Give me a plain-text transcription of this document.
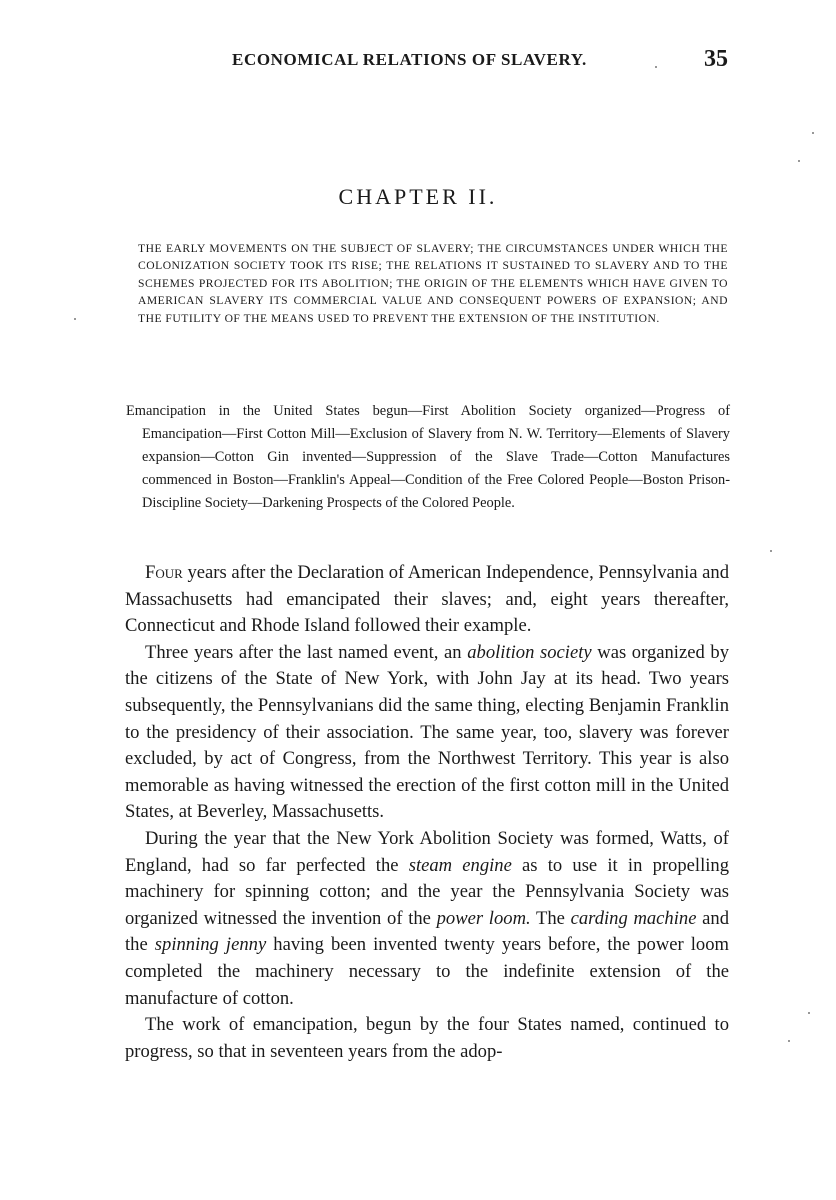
ECONOMICAL RELATIONS OF SLAVERY.	35
CHAPTER II.
THE EARLY MOVEMENTS ON THE SUBJECT OF SLAVERY; THE CIRCUMSTANCES UNDER WHICH THE COLONIZATION SOCIETY TOOK ITS RISE; THE RELATIONS IT SUSTAINED TO SLAVERY AND TO THE SCHEMES PROJECTED FOR ITS ABOLITION; THE ORIGIN OF THE ELEMENTS WHICH HAVE GIVEN TO AMERICAN SLAVERY ITS COMMERCIAL VALUE AND CONSEQUENT POWERS OF EXPANSION; AND THE FUTILITY OF THE MEANS USED TO PREVENT THE EXTENSION OF THE INSTITUTION.

Emancipation in the United States begun—First Abolition Society organized—Progress of Emancipation—First Cotton Mill—Exclusion of Slavery from N. W. Territory—Elements of Slavery expansion—Cotton Gin invented—Suppression of the Slave Trade—Cotton Manufactures commenced in Boston—Franklin's Appeal—Condition of the Free Colored People—Boston Prison-Discipline Society—Darkening Prospects of the Colored People.

Four years after the Declaration of American Independence, Pennsylvania and Massachusetts had emancipated their slaves; and, eight years thereafter, Connecticut and Rhode Island followed their example.

Three years after the last named event, an abolition society was organized by the citizens of the State of New York, with John Jay at its head. Two years subsequently, the Pennsylvanians did the same thing, electing Benjamin Franklin to the presidency of their association. The same year, too, slavery was forever excluded, by act of Congress, from the Northwest Territory. This year is also memorable as having witnessed the erection of the first cotton mill in the United States, at Beverley, Massachusetts.

During the year that the New York Abolition Society was formed, Watts, of England, had so far perfected the steam engine as to use it in propelling machinery for spinning cotton; and the year the Pennsylvania Society was organized witnessed the invention of the power loom. The carding machine and the spinning jenny having been invented twenty years before, the power loom completed the machinery necessary to the indefinite extension of the manufacture of cotton.

The work of emancipation, begun by the four States named, continued to progress, so that in seventeen years from the adop-
